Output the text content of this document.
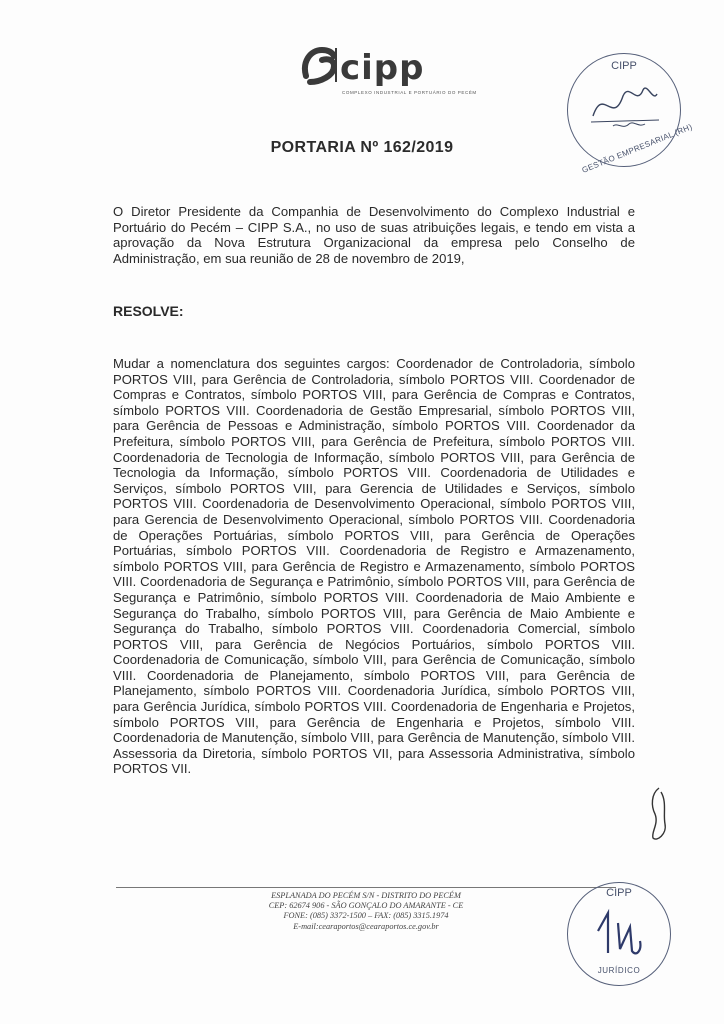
cipp
COMPLEXO INDUSTRIAL E PORTUÁRIO DO PECÉM
CIPP
GESTÃO EMPRESARIAL (RH)
PORTARIA Nº 162/2019
O Diretor Presidente da Companhia de Desenvolvimento do Complexo Industrial e Portuário do Pecém – CIPP S.A., no uso de suas atribuições legais, e tendo em vista a aprovação da Nova Estrutura Organizacional da empresa pelo Conselho de Administração, em sua reunião de 28 de novembro de 2019,
RESOLVE:
Mudar a nomenclatura dos seguintes cargos: Coordenador de Controladoria, símbolo PORTOS VIII, para Gerência de Controladoria, símbolo PORTOS VIII. Coordenador de Compras e Contratos, símbolo PORTOS VIII, para Gerência de Compras e Contratos, símbolo PORTOS VIII. Coordenadoria de Gestão Empresarial, símbolo PORTOS VIII, para Gerência de Pessoas e Administração, símbolo PORTOS VIII. Coordenador da Prefeitura, símbolo PORTOS VIII, para Gerência de Prefeitura, símbolo PORTOS VIII. Coordenadoria de Tecnologia de Informação, símbolo PORTOS VIII, para Gerência de Tecnologia da Informação, símbolo PORTOS VIII. Coordenadoria de Utilidades e Serviços, símbolo PORTOS VIII, para Gerencia de Utilidades e Serviços, símbolo PORTOS VIII. Coordenadoria de Desenvolvimento Operacional, símbolo PORTOS VIII, para Gerencia de Desenvolvimento Operacional, símbolo PORTOS VIII. Coordenadoria de Operações Portuárias, símbolo PORTOS VIII, para Gerência de Operações Portuárias, símbolo PORTOS VIII. Coordenadoria de Registro e Armazenamento, símbolo PORTOS VIII, para Gerência de Registro e Armazenamento, símbolo PORTOS VIII. Coordenadoria de Segurança e Patrimônio, símbolo PORTOS VIII, para Gerência de Segurança e Patrimônio, símbolo PORTOS VIII. Coordenadoria de Maio Ambiente e Segurança do Trabalho, símbolo PORTOS VIII, para Gerência de Maio Ambiente e Segurança do Trabalho, símbolo PORTOS VIII. Coordenadoria Comercial, símbolo PORTOS VIII, para Gerência de Negócios Portuários, símbolo PORTOS VIII. Coordenadoria de Comunicação, símbolo VIII, para Gerência de Comunicação, símbolo VIII. Coordenadoria de Planejamento, símbolo PORTOS VIII, para Gerência de Planejamento, símbolo PORTOS VIII. Coordenadoria Jurídica, símbolo PORTOS VIII, para Gerência Jurídica, símbolo PORTOS VIII. Coordenadoria de Engenharia e Projetos, símbolo PORTOS VIII, para Gerência de Engenharia e Projetos, símbolo VIII. Coordenadoria de Manutenção, símbolo VIII, para Gerência de Manutenção, símbolo VIII. Assessoria da Diretoria, símbolo PORTOS VII, para Assessoria Administrativa, símbolo PORTOS VII.
ESPLANADA DO PECÉM S/N - DISTRITO DO PECÉM
CEP: 62674 906 - SÃO GONÇALO DO AMARANTE - CE
FONE: (085) 3372-1500 – FAX: (085) 3315.1974
E-mail:cearaportos@cearaportos.ce.gov.br
CIPP
JURÍDICO
